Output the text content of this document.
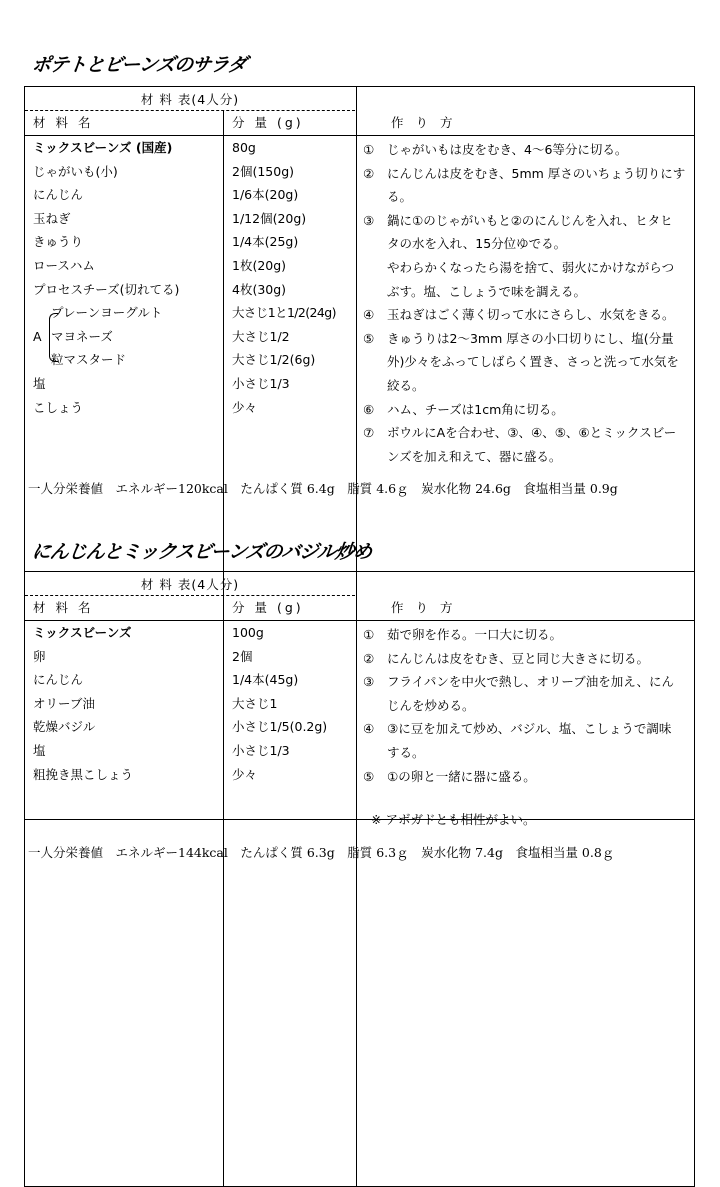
ポテトとビーンズのサラダ
材 料 表(4人分)
材 料 名	分 量 (g)
ミックスビーンズ (国産)	80g
じゃがいも(小)	2個(150g)
にんじん	1/6本(20g)
玉ねぎ	1/12個(20g)
きゅうり	1/4本(25g)
ロースハム	1枚(20g)
プロセスチーズ(切れてる)	4枚(30g)
プレーンヨーグルト	大さじ1と1/2(24g)
マヨネーズ	大さじ1/2
粒マスタード	大さじ1/2(6g)
塩	小さじ1/3
こしょう	少々
A

作 り 方
①	じゃがいもは皮をむき、4～6等分に切る。
②	にんじんは皮をむき、5mm 厚さのいちょう切りにす
る。
③	鍋に①のじゃがいもと②のにんじんを入れ、ヒタヒ
タの水を入れ、15分位ゆでる。
やわらかくなったら湯を捨て、弱火にかけながらつ
ぶす。塩、こしょうで味を調える。
④	玉ねぎはごく薄く切って水にさらし、水気をきる。
⑤	きゅうりは2～3mm 厚さの小口切りにし、塩(分量
外)少々をふってしばらく置き、さっと洗って水気を
絞る。
⑥	ハム、チーズは1cm角に切る。
⑦	ボウルにAを合わせ、③、④、⑤、⑥とミックスビー
ンズを加え和えて、器に盛る。
一人分栄養値　エネルギー120kcal　たんぱく質 6.4g　脂質 4.6ｇ　炭水化物 24.6g　食塩相当量 0.9g
にんじんとミックスビーンズのバジル炒め
材 料 表(4人分)
材 料 名	分 量 (g)
ミックスビーンズ	100g
卵	2個
にんじん	1/4本(45g)
オリーブ油	大さじ1
乾燥バジル	小さじ1/5(0.2g)
塩	小さじ1/3
粗挽き黒こしょう	少々

作 り 方
①	茹で卵を作る。一口大に切る。
②	にんじんは皮をむき、豆と同じ大きさに切る。
③	フライパンを中火で熱し、オリーブ油を加え、にん
じんを炒める。
④	③に豆を加えて炒め、バジル、塩、こしょうで調味
する。
⑤	①の卵と一緒に器に盛る。
※ アボガドとも相性がよい。
一人分栄養値　エネルギー144kcal　たんぱく質 6.3g　脂質 6.3ｇ　炭水化物 7.4g　食塩相当量 0.8ｇ
